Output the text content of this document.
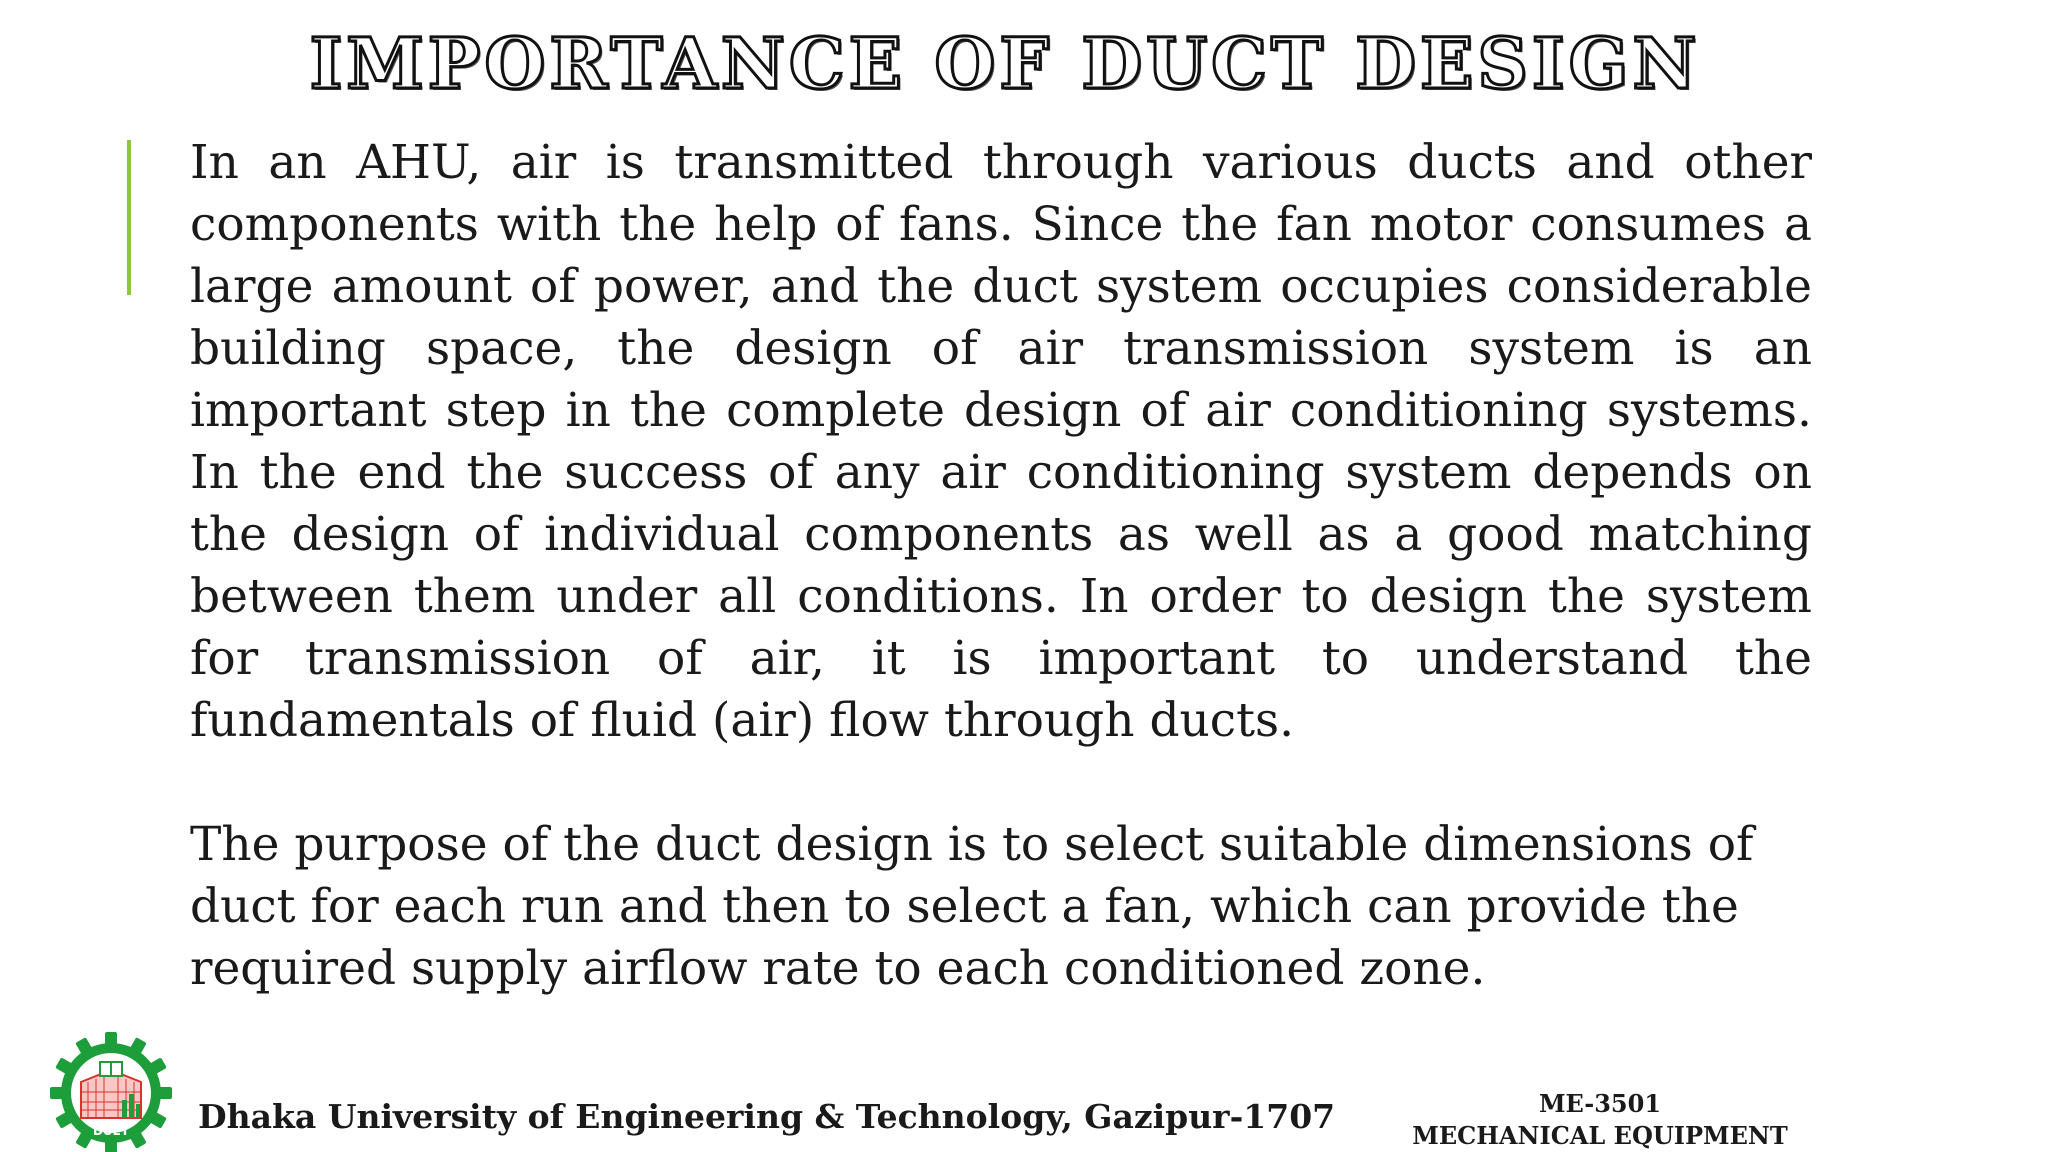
IMPORTANCE OF DUCT DESIGN

In an AHU, air is transmitted through various ducts and other components with the help of fans. Since the fan motor consumes a large amount of power, and the duct system occupies considerable building space, the design of air transmission system is an important step in the complete design of air conditioning systems. In the end the success of any air conditioning system depends on the design of individual components as well as a good matching between them under all conditions. In order to design the system for transmission of air, it is important to understand the fundamentals of fluid (air) flow through ducts.

The purpose of the duct design is to select suitable dimensions of duct for each run and then to select a fan, which can provide the required supply airflow rate to each conditioned zone.

DUET Dhaka University of Engineering & Technology, Gazipur-1707	ME-3501
MECHANICAL EQUIPMENT
